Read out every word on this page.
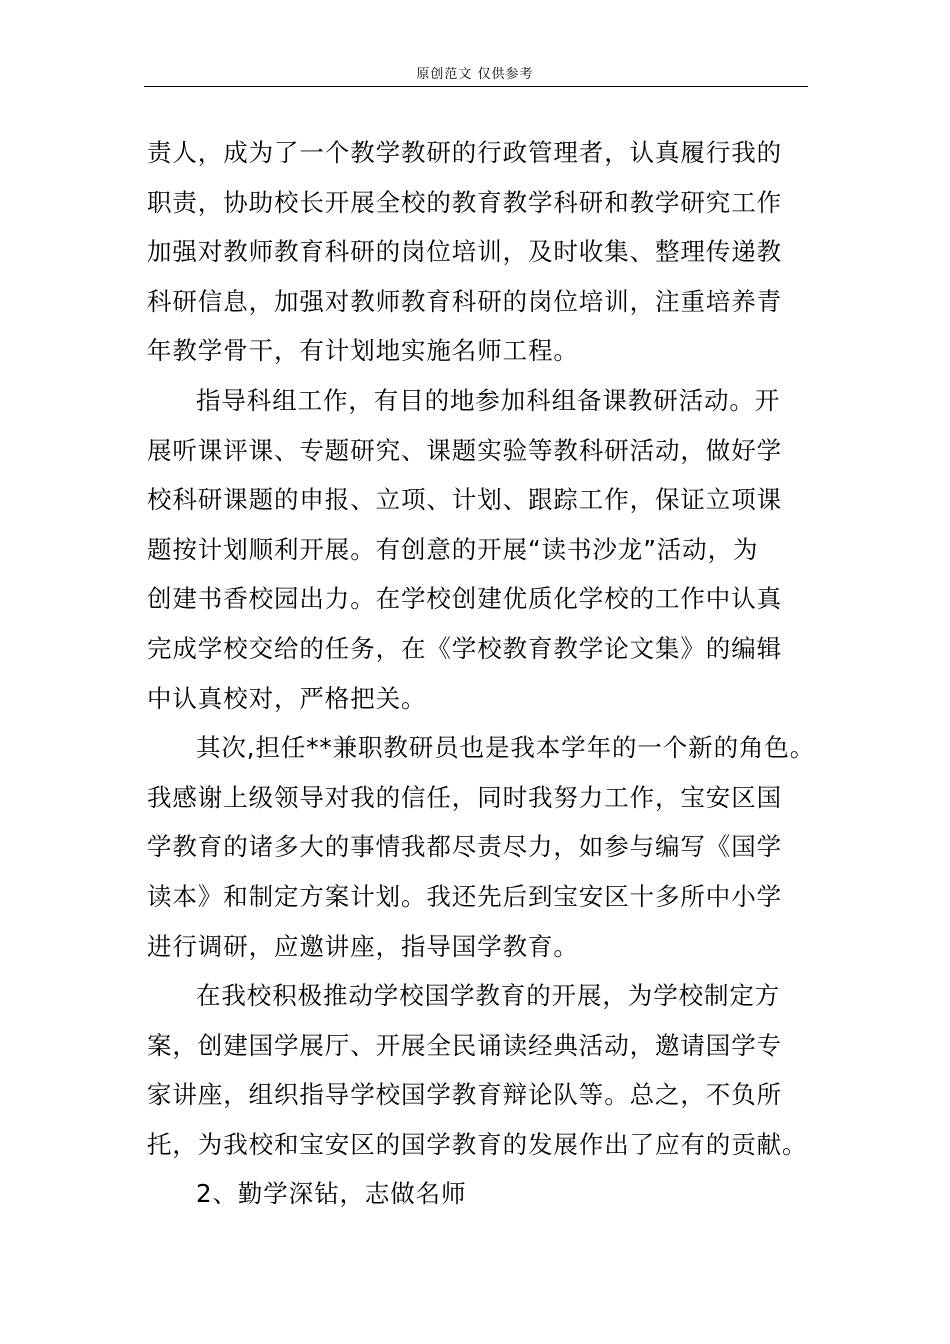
原创范文 仅供参考
责人，成为了一个教学教研的行政管理者，认真履行我的
职责，协助校长开展全校的教育教学科研和教学研究工作
加强对教师教育科研的岗位培训，及时收集、整理传递教
科研信息，加强对教师教育科研的岗位培训，注重培养青
年教学骨干，有计划地实施名师工程。
指导科组工作，有目的地参加科组备课教研活动。开
展听课评课、专题研究、课题实验等教科研活动，做好学
校科研课题的申报、立项、计划、跟踪工作，保证立项课
题按计划顺利开展。有创意的开展“读书沙龙”活动，为
创建书香校园出力。在学校创建优质化学校的工作中认真
完成学校交给的任务，在《学校教育教学论文集》的编辑
中认真校对，严格把关。
其次,担任**兼职教研员也是我本学年的一个新的角色。
我感谢上级领导对我的信任，同时我努力工作，宝安区国
学教育的诸多大的事情我都尽责尽力，如参与编写《国学
读本》和制定方案计划。我还先后到宝安区十多所中小学
进行调研，应邀讲座，指导国学教育。
在我校积极推动学校国学教育的开展，为学校制定方
案，创建国学展厅、开展全民诵读经典活动，邀请国学专
家讲座，组织指导学校国学教育辩论队等。总之，不负所
托，为我校和宝安区的国学教育的发展作出了应有的贡献。
2、勤学深钻，志做名师
